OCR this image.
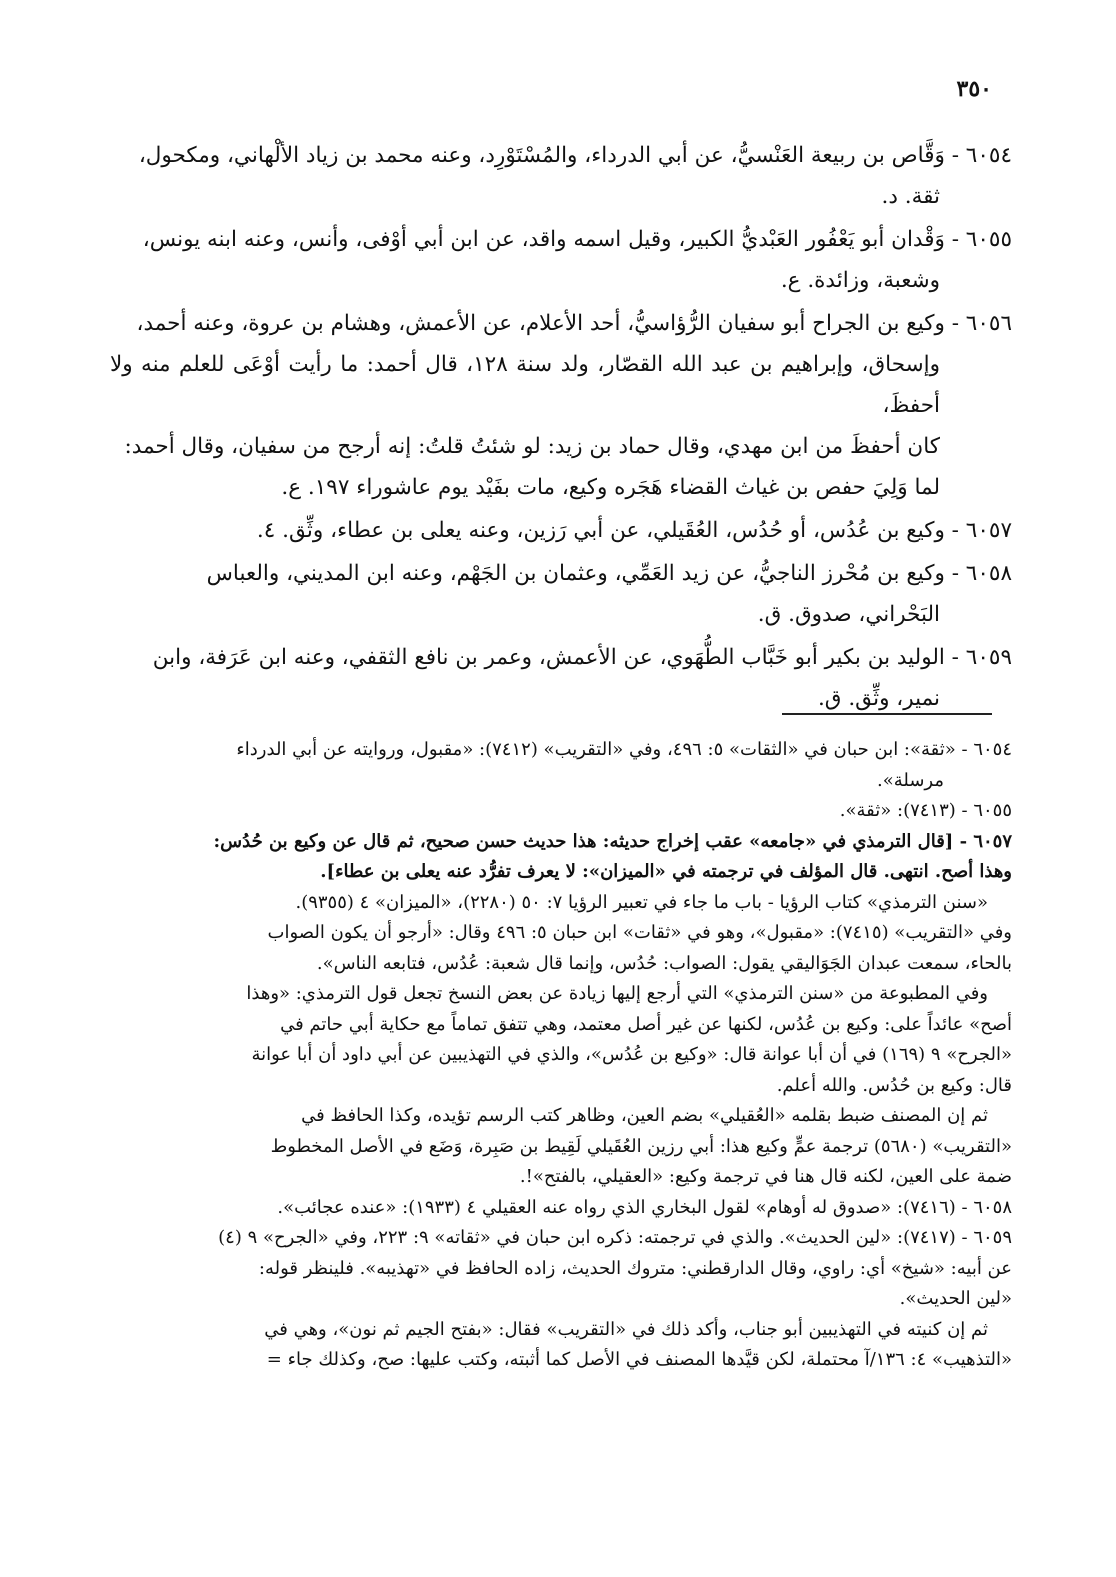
٣٥٠

٦٠٥٤ - وَقَّاص بن ربيعة العَنْسيُّ، عن أبي الدرداء، والمُسْتَوْرِد، وعنه محمد بن زياد الألْهاني، ومكحول،

ثقة. د.

٦٠٥٥ - وَقْدان أبو يَعْفُور العَبْديُّ الكبير، وقيل اسمه واقد، عن ابن أبي أوْفى، وأنس، وعنه ابنه يونس،

وشعبة، وزائدة. ع.

٦٠٥٦ - وكيع بن الجراح أبو سفيان الرُّؤاسيُّ، أحد الأعلام، عن الأعمش، وهشام بن عروة، وعنه أحمد،

وإسحاق، وإبراهيم بن عبد الله القصّار، ولد سنة ١٢٨، قال أحمد: ما رأيت أوْعَى للعلم منه ولا أحفظَ،

كان أحفظَ من ابن مهدي، وقال حماد بن زيد: لو شئتُ قلتُ: إنه أرجح من سفيان، وقال أحمد:

لما وَلِيَ حفص بن غياث القضاء هَجَره وكيع، مات بفَيْد يوم عاشوراء ١٩٧. ع.

٦٠٥٧ - وكيع بن عُدُس، أو حُدُس، العُقَيلي، عن أبي رَزين، وعنه يعلى بن عطاء، وثِّق. ٤.

٦٠٥٨ - وكيع بن مُحْرز الناجيُّ، عن زيد العَمِّي، وعثمان بن الجَهْم، وعنه ابن المديني، والعباس

البَحْراني، صدوق. ق.

٦٠٥٩ - الوليد بن بكير أبو خَبَّاب الطُّهَوي، عن الأعمش، وعمر بن نافع الثقفي، وعنه ابن عَرَفة، وابن

نمير، وثِّق. ق.

٦٠٥٤ - «ثقة»: ابن حبان في «الثقات» ٥: ٤٩٦، وفي «التقريب» (٧٤١٢): «مقبول، وروايته عن أبي الدرداء

مرسلة».

٦٠٥٥ - (٧٤١٣): «ثقة».

٦٠٥٧ - [قال الترمذي في «جامعه» عقب إخراج حديثه: هذا حديث حسن صحيح، ثم قال عن وكيع بن حُدُس:

وهذا أصح. انتهى. قال المؤلف في ترجمته في «الميزان»: لا يعرف تفرُّد عنه يعلى بن عطاء].

«سنن الترمذي» كتاب الرؤيا - باب ما جاء في تعبير الرؤيا ٧: ٥٠ (٢٢٨٠)، «الميزان» ٤ (٩٣٥٥).

وفي «التقريب» (٧٤١٥): «مقبول»، وهو في «ثقات» ابن حبان ٥: ٤٩٦ وقال: «أرجو أن يكون الصواب

بالحاء، سمعت عبدان الجَوَاليقي يقول: الصواب: حُدُس، وإنما قال شعبة: عُدُس، فتابعه الناس».

وفي المطبوعة من «سنن الترمذي» التي أرجع إليها زيادة عن بعض النسخ تجعل قول الترمذي: «وهذا

أصح» عائداً على: وكيع بن عُدُس، لكنها عن غير أصل معتمد، وهي تتفق تماماً مع حكاية أبي حاتم في

«الجرح» ٩ (١٦٩) في أن أبا عوانة قال: «وكيع بن عُدُس»، والذي في التهذيبين عن أبي داود أن أبا عوانة

قال: وكيع بن حُدُس. والله أعلم.

ثم إن المصنف ضبط بقلمه «العُقيلي» بضم العين، وظاهر كتب الرسم تؤيده، وكذا الحافظ في

«التقريب» (٥٦٨٠) ترجمة عمٍّ وكيع هذا: أبي رزين العُقَيلي لَقِيط بن صَبِرة، وَضَع في الأصل المخطوط

ضمة على العين، لكنه قال هنا في ترجمة وكيع: «العقيلي، بالفتح»!.

٦٠٥٨ - (٧٤١٦): «صدوق له أوهام» لقول البخاري الذي رواه عنه العقيلي ٤ (١٩٣٣): «عنده عجائب».

٦٠٥٩ - (٧٤١٧): «لين الحديث». والذي في ترجمته: ذكره ابن حبان في «ثقاته» ٩: ٢٢٣، وفي «الجرح» ٩ (٤)

عن أبيه: «شيخ» أي: راوي، وقال الدارقطني: متروك الحديث، زاده الحافظ في «تهذيبه». فلينظر قوله:

«لين الحديث».

ثم إن كنيته في التهذيبين أبو جناب، وأكد ذلك في «التقريب» فقال: «بفتح الجيم ثم نون»، وهي في

«التذهيب» ٤: ١٣٦/آ محتملة، لكن قيَّدها المصنف في الأصل كما أثبته، وكتب عليها: صح، وكذلك جاء =
